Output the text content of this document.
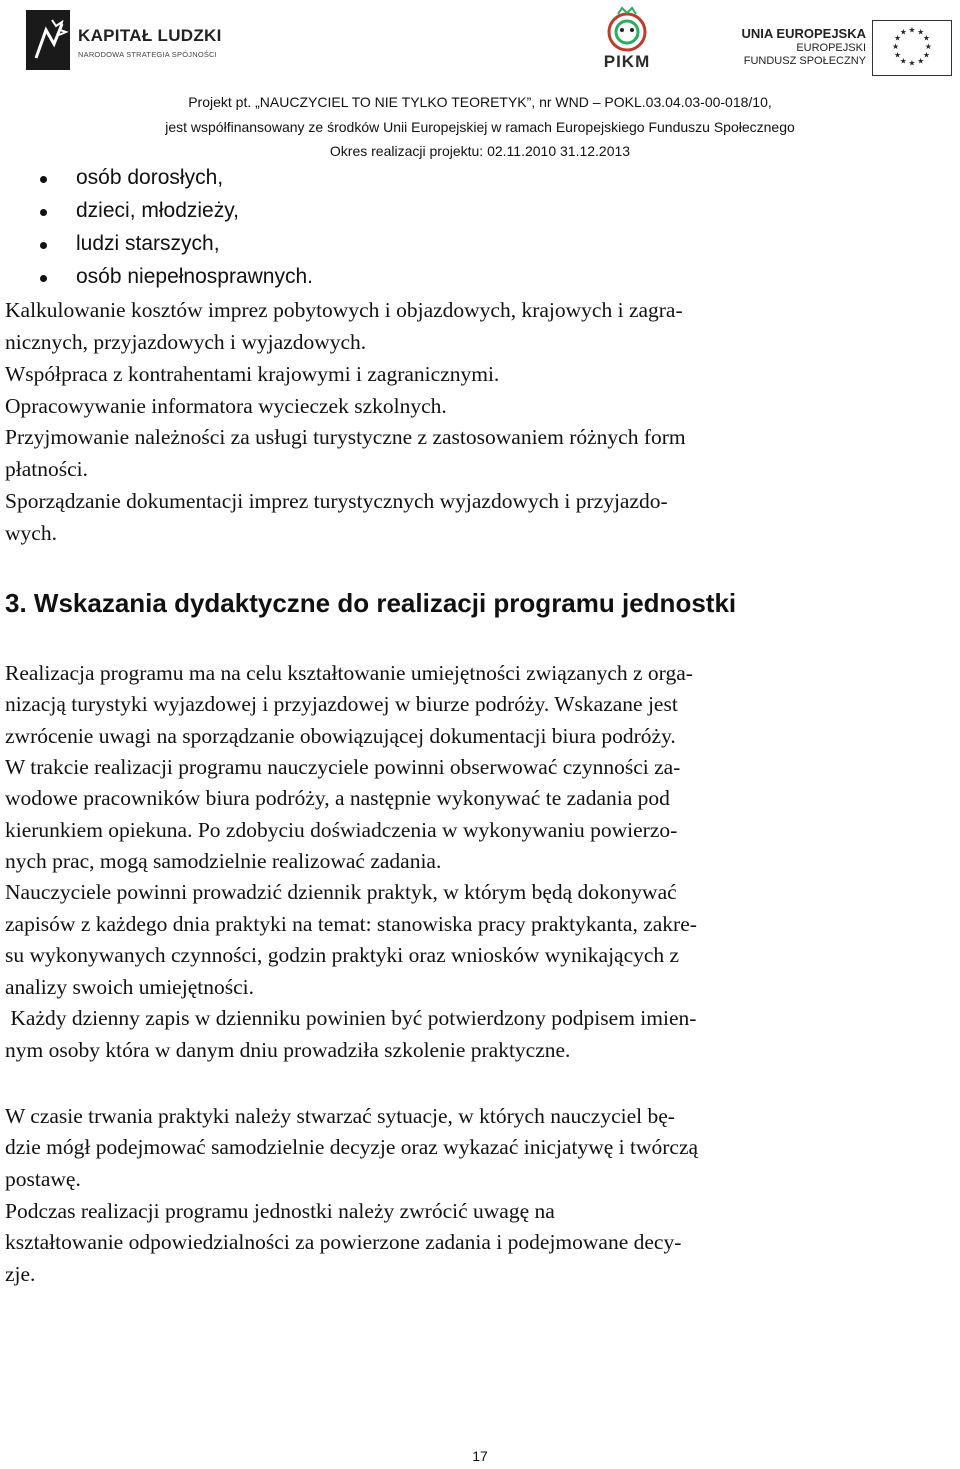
KAPITAŁ LUDZKI
NARODOWA STRATEGIA SPÓJNOŚCI	PIKM
UNIA EUROPEJSKA
EUROPEJSKI
FUNDUSZ SPOŁECZNY
★ ★
★
★
★
★
★
★
★
★
★
★
Projekt pt. „NAUCZYCIEL TO NIE TYLKO TEORETYK”, nr WND – POKL.03.04.03-00-018/10,
jest współfinansowany ze środków Unii Europejskiej w ramach Europejskiego Funduszu Społecznego
Okres realizacji projektu: 02.11.2010 31.12.2013
osób dorosłych,
dzieci, młodzieży,
ludzi starszych,
osób niepełnosprawnych.
Kalkulowanie kosztów imprez pobytowych i objazdowych, krajowych i zagra-
nicznych, przyjazdowych i wyjazdowych.
Współpraca z kontrahentami krajowymi i zagranicznymi.
Opracowywanie informatora wycieczek szkolnych.
Przyjmowanie należności za usługi turystyczne z zastosowaniem różnych form
płatności.
Sporządzanie dokumentacji imprez turystycznych wyjazdowych i przyjazdo-
wych.
3. Wskazania dydaktyczne do realizacji programu jednostki
Realizacja programu ma na celu kształtowanie umiejętności związanych z orga-
nizacją turystyki wyjazdowej i przyjazdowej w biurze podróży. Wskazane jest
zwrócenie uwagi na sporządzanie obowiązującej dokumentacji biura podróży.
W trakcie realizacji programu nauczyciele powinni obserwować czynności za-
wodowe pracowników biura podróży, a następnie wykonywać te zadania pod
kierunkiem opiekuna. Po zdobyciu doświadczenia w wykonywaniu powierzo-
nych prac, mogą samodzielnie realizować zadania.
Nauczyciele powinni prowadzić dziennik praktyk, w którym będą dokonywać
zapisów z każdego dnia praktyki na temat: stanowiska pracy praktykanta, zakre-
su wykonywanych czynności, godzin praktyki oraz wniosków wynikających z
analizy swoich umiejętności.
Każdy dzienny zapis w dzienniku powinien być potwierdzony podpisem imien-
nym osoby która w danym dniu prowadziła szkolenie praktyczne.
W czasie trwania praktyki należy stwarzać sytuacje, w których nauczyciel bę-
dzie mógł podejmować samodzielnie decyzje oraz wykazać inicjatywę i twórczą
postawę.
Podczas realizacji programu jednostki należy zwrócić uwagę na
kształtowanie odpowiedzialności za powierzone zadania i podejmowane decy-
zje.
17
